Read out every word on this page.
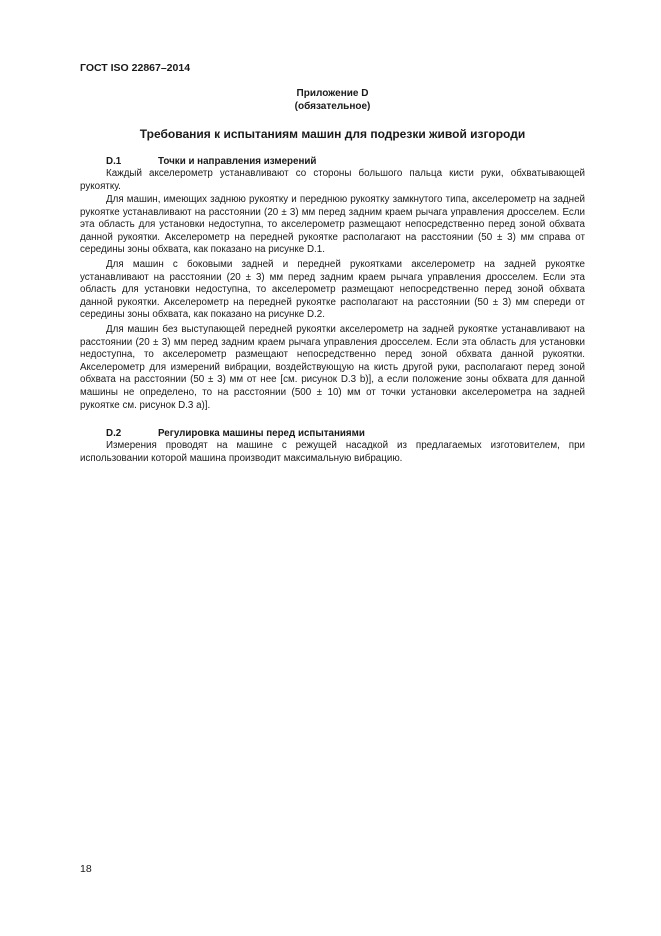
ГОСТ ISO 22867–2014
Приложение D
(обязательное)
Требования к испытаниям машин для подрезки живой изгороди
D.1	Точки и направления измерений

Каждый акселерометр устанавливают со стороны большого пальца кисти руки, обхватывающей рукоятку.

Для машин, имеющих заднюю рукоятку и переднюю рукоятку замкнутого типа, акселерометр на задней рукоятке устанавливают на расстоянии (20 ± 3) мм перед задним краем рычага управления дросселем. Если эта область для установки недоступна, то акселерометр размещают непосредственно перед зоной обхвата данной рукоятки. Акселерометр на передней рукоятке располагают на расстоянии (50 ± 3) мм справа от середины зоны обхвата, как показано на рисунке D.1.

Для машин с боковыми задней и передней рукоятками акселерометр на задней рукоятке устанавливают на расстоянии (20 ± 3) мм перед задним краем рычага управления дросселем. Если эта область для установки недоступна, то акселерометр размещают непосредственно перед зоной обхвата данной рукоятки. Акселерометр на передней рукоятке располагают на расстоянии (50 ± 3) мм спереди от середины зоны обхвата, как показано на рисунке D.2.

Для машин без выступающей передней рукоятки акселерометр на задней рукоятке устанавливают на расстоянии (20 ± 3) мм перед задним краем рычага управления дросселем. Если эта область для установки недоступна, то акселерометр размещают непосредственно перед зоной обхвата данной рукоятки. Акселерометр для измерений вибрации, воздействующую на кисть другой руки, располагают перед зоной обхвата на расстоянии (50 ± 3) мм от нее [см. рисунок D.3 b)], а если положение зоны обхвата для данной машины не определено, то на расстоянии (500 ± 10) мм от точки установки акселерометра на задней рукоятке см. рисунок D.3 a)].

D.2	Регулировка машины перед испытаниями

Измерения проводят на машине с режущей насадкой из предлагаемых изготовителем, при использовании которой машина производит максимальную вибрацию.

18
